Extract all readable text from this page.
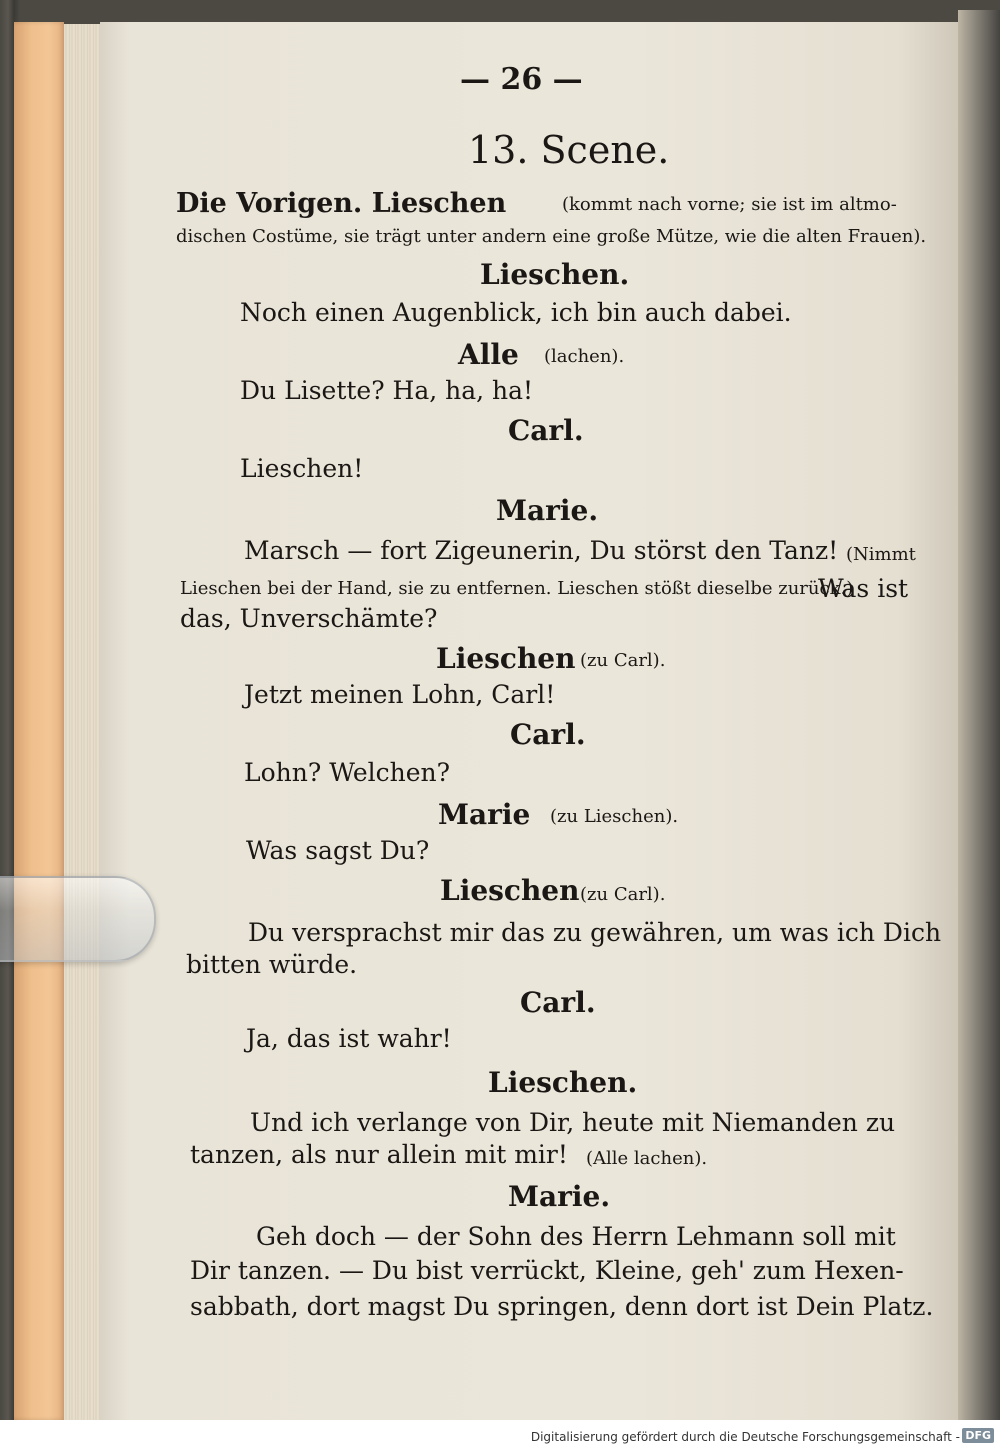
— 26 —
13. Scene.
Die Vorigen. Lieschen	(kommt nach vorne; sie ist im altmo-
dischen Costüme, sie trägt unter andern eine große Mütze, wie die alten Frauen).
Lieschen.
Noch einen Augenblick, ich bin auch dabei.
Alle (lachen).
Du Lisette? Ha, ha, ha!
Carl.
Lieschen!
Marie.
Marsch — fort Zigeunerin, Du störst den Tanz! (Nimmt
Lieschen bei der Hand, sie zu entfernen. Lieschen stößt dieselbe zurück.)
Was ist
das, Unverschämte?
Lieschen (zu Carl).
Jetzt meinen Lohn, Carl!
Carl.
Lohn? Welchen?
Marie (zu Lieschen).
Was sagst Du?
Lieschen (zu Carl).
Du versprachst mir das zu gewähren, um was ich Dich
bitten würde.
Carl.
Ja, das ist wahr!
Lieschen.
Und ich verlange von Dir, heute mit Niemanden zu
tanzen, als nur allein mit mir! (Alle lachen).
Marie.
Geh doch — der Sohn des Herrn Lehmann soll mit
Dir tanzen. — Du bist verrückt, Kleine, geh' zum Hexen-
sabbath, dort magst Du springen, denn dort ist Dein Platz.
Digitalisierung gefördert durch die Deutsche Forschungsgemeinschaft - DFG
